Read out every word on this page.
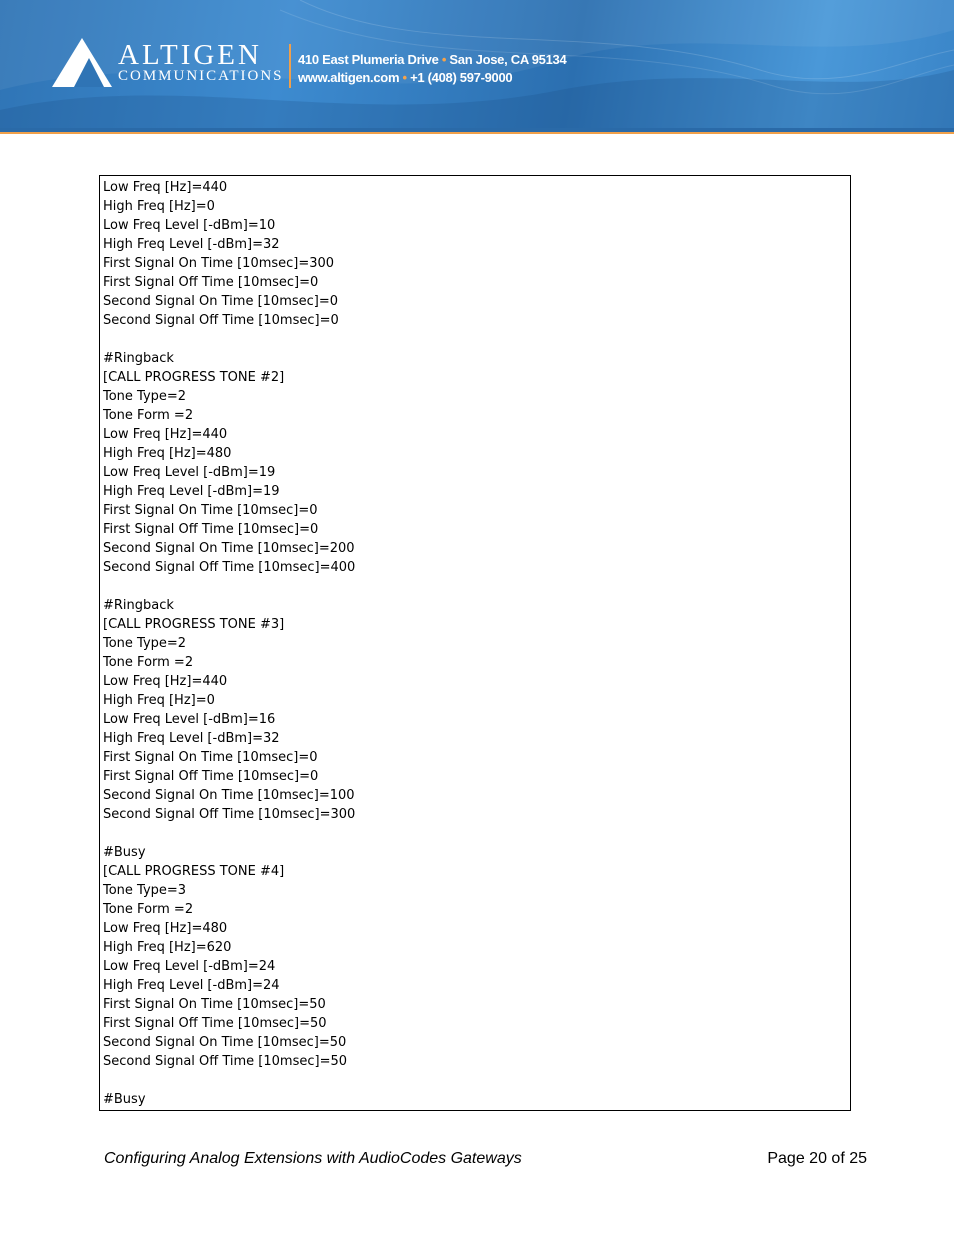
ALTIGEN
COMMUNICATIONS
410 East Plumeria Drive • San Jose, CA 95134
www.altigen.com • +1 (408) 597-9000
Low Freq [Hz]=440
High Freq [Hz]=0
Low Freq Level [-dBm]=10
High Freq Level [-dBm]=32
First Signal On Time [10msec]=300
First Signal Off Time [10msec]=0
Second Signal On Time [10msec]=0
Second Signal Off Time [10msec]=0
#Ringback
[CALL PROGRESS TONE #2]
Tone Type=2
Tone Form =2
Low Freq [Hz]=440
High Freq [Hz]=480
Low Freq Level [-dBm]=19
High Freq Level [-dBm]=19
First Signal On Time [10msec]=0
First Signal Off Time [10msec]=0
Second Signal On Time [10msec]=200
Second Signal Off Time [10msec]=400
#Ringback
[CALL PROGRESS TONE #3]
Tone Type=2
Tone Form =2
Low Freq [Hz]=440
High Freq [Hz]=0
Low Freq Level [-dBm]=16
High Freq Level [-dBm]=32
First Signal On Time [10msec]=0
First Signal Off Time [10msec]=0
Second Signal On Time [10msec]=100
Second Signal Off Time [10msec]=300
#Busy
[CALL PROGRESS TONE #4]
Tone Type=3
Tone Form =2
Low Freq [Hz]=480
High Freq [Hz]=620
Low Freq Level [-dBm]=24
High Freq Level [-dBm]=24
First Signal On Time [10msec]=50
First Signal Off Time [10msec]=50
Second Signal On Time [10msec]=50
Second Signal Off Time [10msec]=50
#Busy
Configuring Analog Extensions with AudioCodes Gateways	Page 20 of 25
